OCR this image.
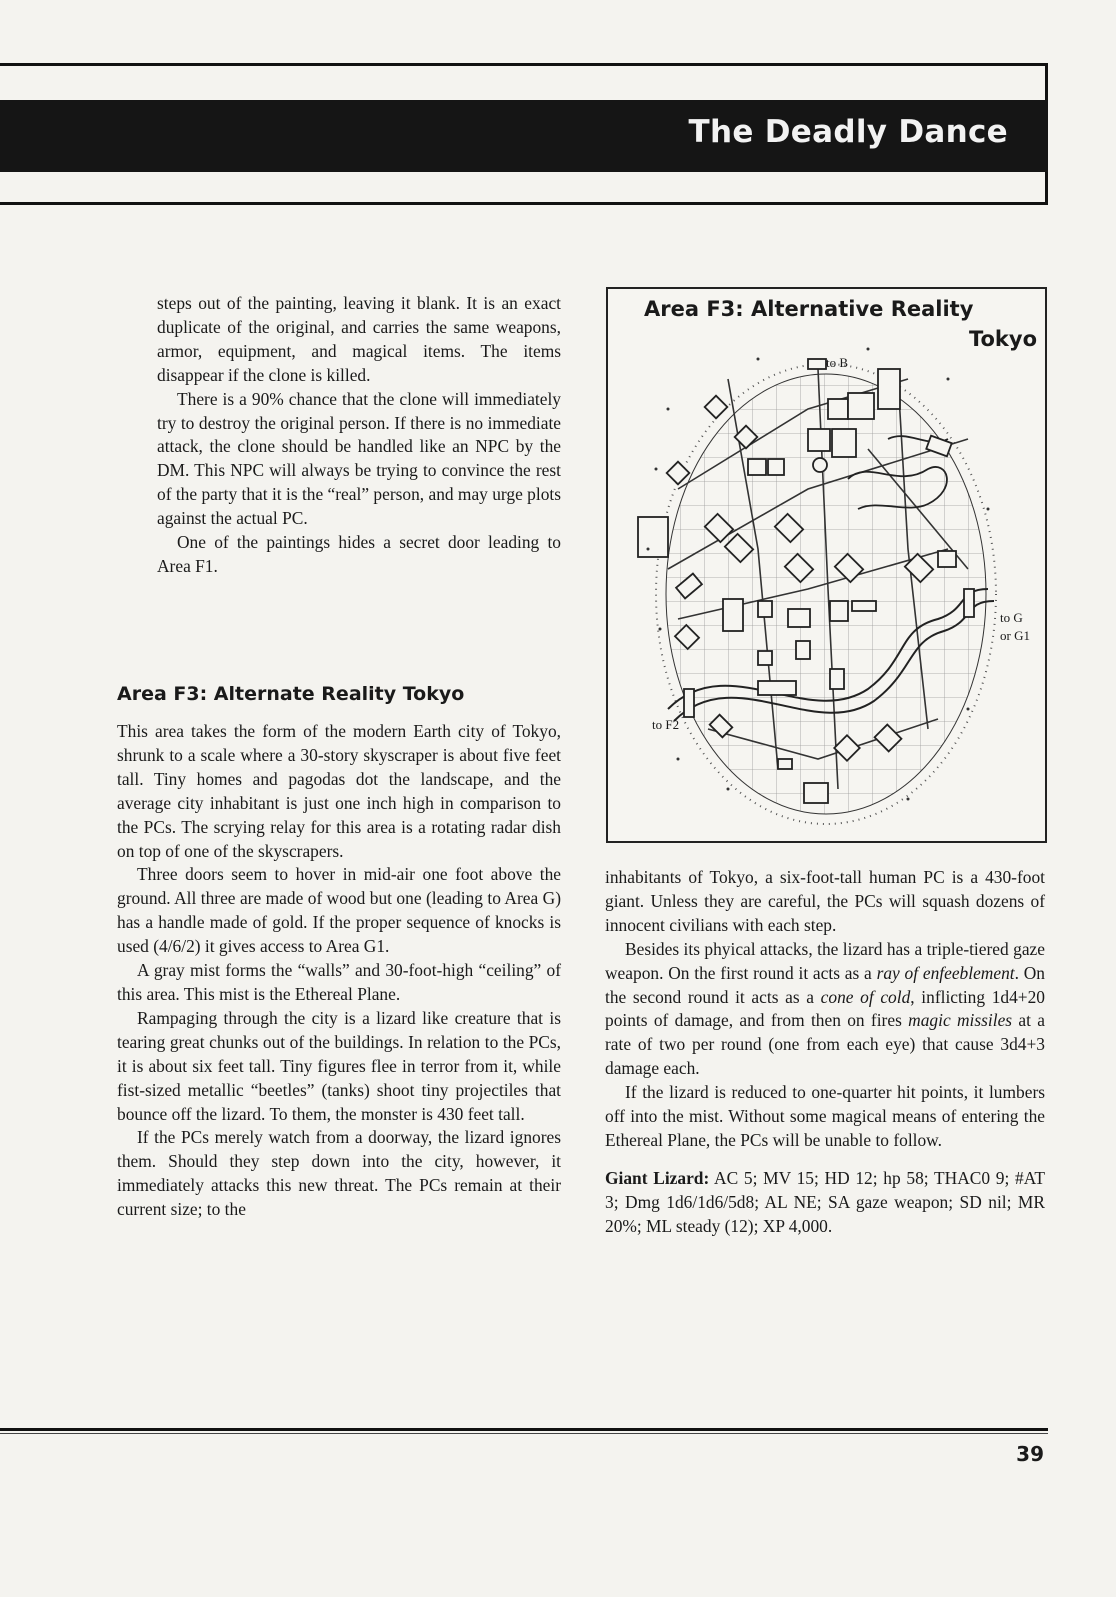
The Deadly Dance

steps out of the painting, leaving it blank. It is an exact duplicate of the original, and carries the same weapons, armor, equipment, and magical items. The items disappear if the clone is killed.

There is a 90% chance that the clone will immediately try to destroy the original person. If there is no immediate attack, the clone should be handled like an NPC by the DM. This NPC will always be trying to convince the rest of the party that it is the “real” person, and may urge plots against the actual PC.

One of the paintings hides a secret door leading to Area F1.

Area F3: Alternate Reality Tokyo

This area takes the form of the modern Earth city of Tokyo, shrunk to a scale where a 30-story skyscraper is about five feet tall. Tiny homes and pagodas dot the landscape, and the average city inhabitant is just one inch high in comparison to the PCs. The scrying relay for this area is a rotating radar dish on top of one of the skyscrapers.

Three doors seem to hover in mid-air one foot above the ground. All three are made of wood but one (leading to Area G) has a handle made of gold. If the proper sequence of knocks is used (4/6/2) it gives access to Area G1.

A gray mist forms the “walls” and 30-foot-high “ceiling” of this area. This mist is the Ethereal Plane.

Rampaging through the city is a lizard like creature that is tearing great chunks out of the buildings. In relation to the PCs, it is about six feet tall. Tiny figures flee in terror from it, while fist-sized metallic “beetles” (tanks) shoot tiny projectiles that bounce off the lizard. To them, the monster is 430 feet tall.

If the PCs merely watch from a doorway, the lizard ignores them. Should they step down into the city, however, it immediately attacks this new threat. The PCs remain at their current size; to the

Area F3: Alternative Reality
Tokyo
to B
to G
or G1
to F2

inhabitants of Tokyo, a six-foot-tall human PC is a 430-foot giant. Unless they are careful, the PCs will squash dozens of innocent civilians with each step.

Besides its phyical attacks, the lizard has a triple-tiered gaze weapon. On the first round it acts as a ray of enfeeblement. On the second round it acts as a cone of cold, inflicting 1d4+20 points of damage, and from then on fires magic missiles at a rate of two per round (one from each eye) that cause 3d4+3 damage each.

If the lizard is reduced to one-quarter hit points, it lumbers off into the mist. Without some magical means of entering the Ethereal Plane, the PCs will be unable to follow.

Giant Lizard: AC 5; MV 15; HD 12; hp 58; THAC0 9; #AT 3; Dmg 1d6/1d6/5d8; AL NE; SA gaze weapon; SD nil; MR 20%; ML steady (12); XP 4,000.

39
